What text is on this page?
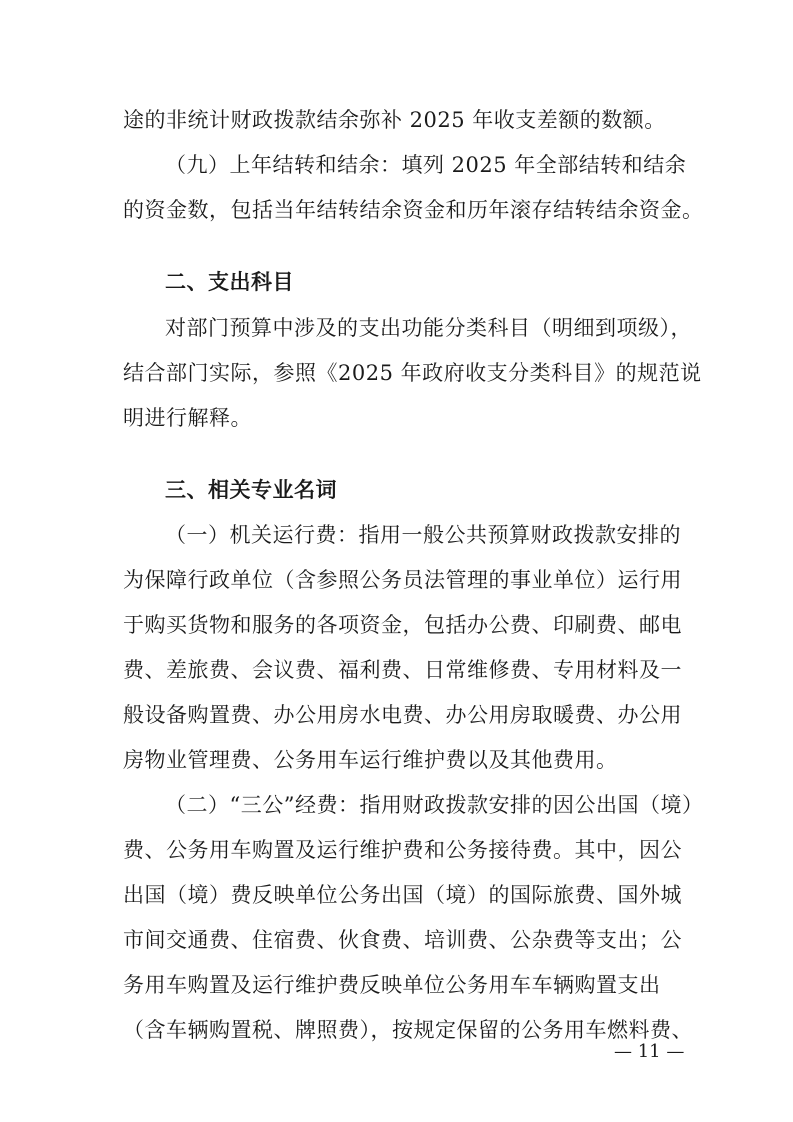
途的非统计财政拨款结余弥补 2025 年收支差额的数额。
（九）上年结转和结余：填列 2025 年全部结转和结余
的资金数，包括当年结转结余资金和历年滚存结转结余资金。
二、支出科目
对部门预算中涉及的支出功能分类科目（明细到项级），
结合部门实际，参照《2025 年政府收支分类科目》的规范说
明进行解释。
三、相关专业名词
（一）机关运行费：指用一般公共预算财政拨款安排的
为保障行政单位（含参照公务员法管理的事业单位）运行用
于购买货物和服务的各项资金，包括办公费、印刷费、邮电
费、差旅费、会议费、福利费、日常维修费、专用材料及一
般设备购置费、办公用房水电费、办公用房取暖费、办公用
房物业管理费、公务用车运行维护费以及其他费用。
（二）“三公”经费：指用财政拨款安排的因公出国（境）
费、公务用车购置及运行维护费和公务接待费。其中，因公
出国（境）费反映单位公务出国（境）的国际旅费、国外城
市间交通费、住宿费、伙食费、培训费、公杂费等支出；公
务用车购置及运行维护费反映单位公务用车车辆购置支出
（含车辆购置税、牌照费），按规定保留的公务用车燃料费、
— 11 —
